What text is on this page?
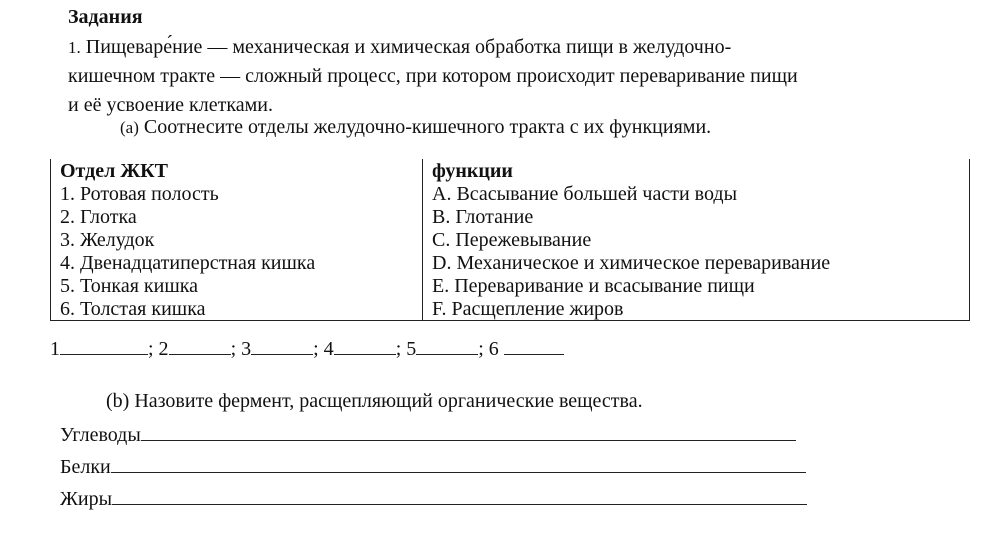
Задания
1. Пищеваре́ние — механическая и химическая обработка пищи в желудочно-
кишечном тракте — сложный процесс, при котором происходит переваривание пищи
и её усвоение клетками.
(a) Соотнесите отделы желудочно-кишечного тракта с их функциями.
Отдел ЖКТ	функции
1. Ротовая полость	A. Всасывание большей части воды
2. Глотка	B. Глотание
3. Желудок	C. Пережевывание
4. Двенадцатиперстная кишка	D. Механическое и химическое переваривание
5. Тонкая кишка	E. Переваривание и всасывание пищи
6. Толстая кишка	F. Расщепление жиров
1	; 2	; 3	; 4	; 5	; 6
(b) Назовите фермент, расщепляющий органические вещества.
Углеводы
Белки
Жиры
